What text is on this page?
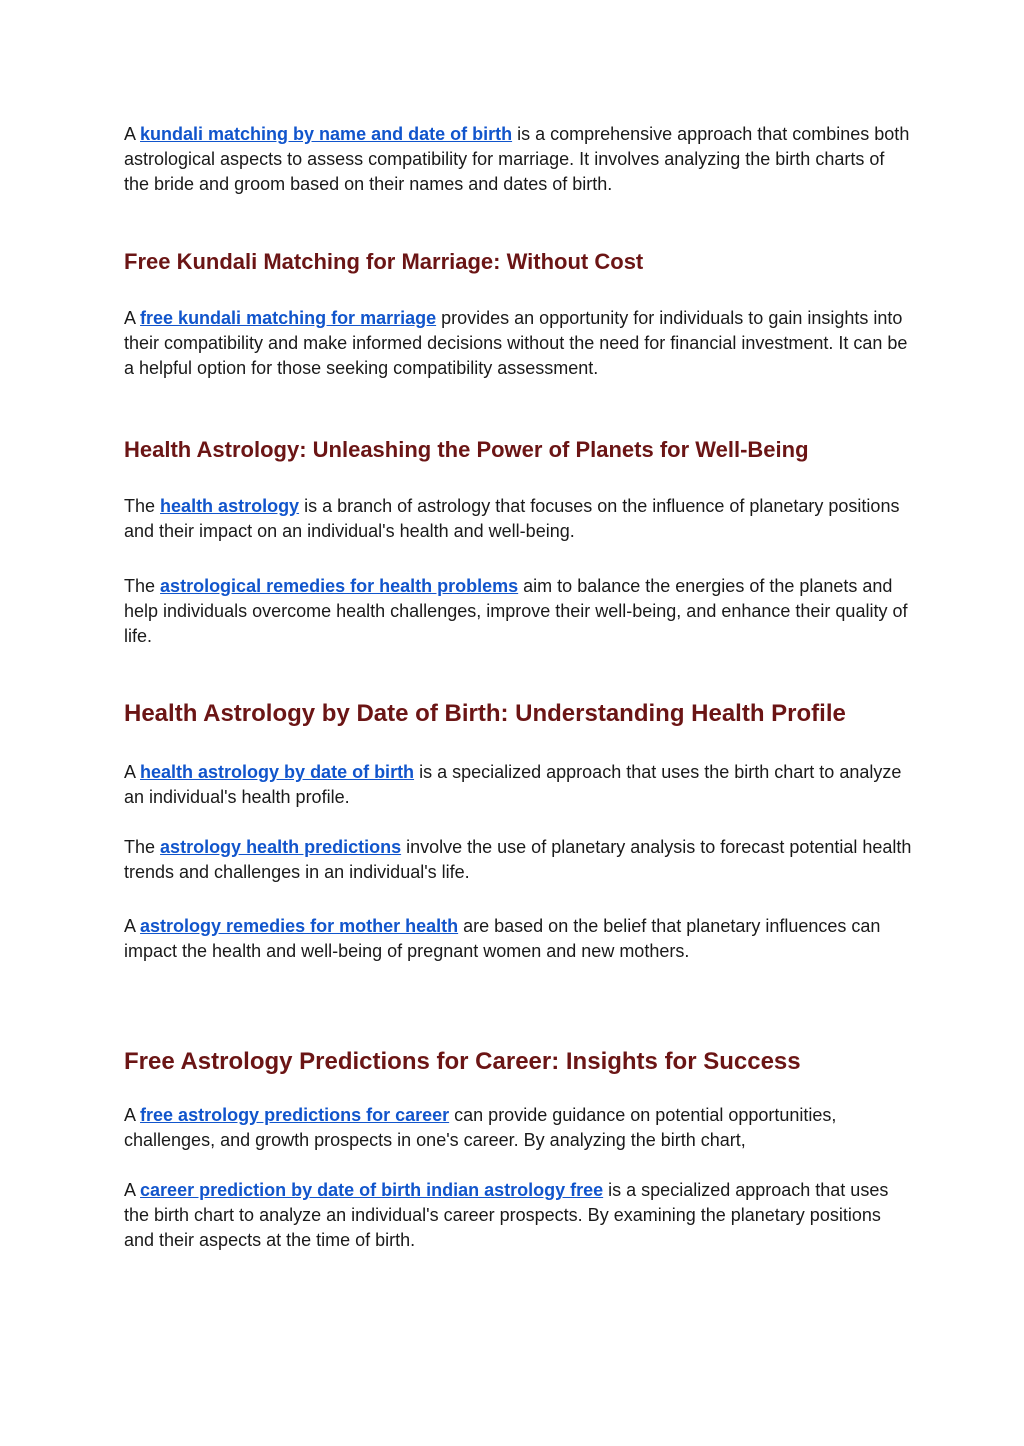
A kundali matching by name and date of birth is a comprehensive approach that combines both astrological aspects to assess compatibility for marriage. It involves analyzing the birth charts of the bride and groom based on their names and dates of birth.

Free Kundali Matching for Marriage: Without Cost

A free kundali matching for marriage provides an opportunity for individuals to gain insights into their compatibility and make informed decisions without the need for financial investment. It can be a helpful option for those seeking compatibility assessment.

Health Astrology: Unleashing the Power of Planets for Well-Being

The health astrology is a branch of astrology that focuses on the influence of planetary positions and their impact on an individual's health and well-being.

The astrological remedies for health problems aim to balance the energies of the planets and help individuals overcome health challenges, improve their well-being, and enhance their quality of life.

Health Astrology by Date of Birth: Understanding Health Profile

A health astrology by date of birth is a specialized approach that uses the birth chart to analyze an individual's health profile.

The astrology health predictions involve the use of planetary analysis to forecast potential health trends and challenges in an individual's life.

A astrology remedies for mother health are based on the belief that planetary influences can impact the health and well-being of pregnant women and new mothers.

Free Astrology Predictions for Career: Insights for Success

A free astrology predictions for career can provide guidance on potential opportunities, challenges, and growth prospects in one's career. By analyzing the birth chart,

A career prediction by date of birth indian astrology free is a specialized approach that uses the birth chart to analyze an individual's career prospects. By examining the planetary positions and their aspects at the time of birth.
